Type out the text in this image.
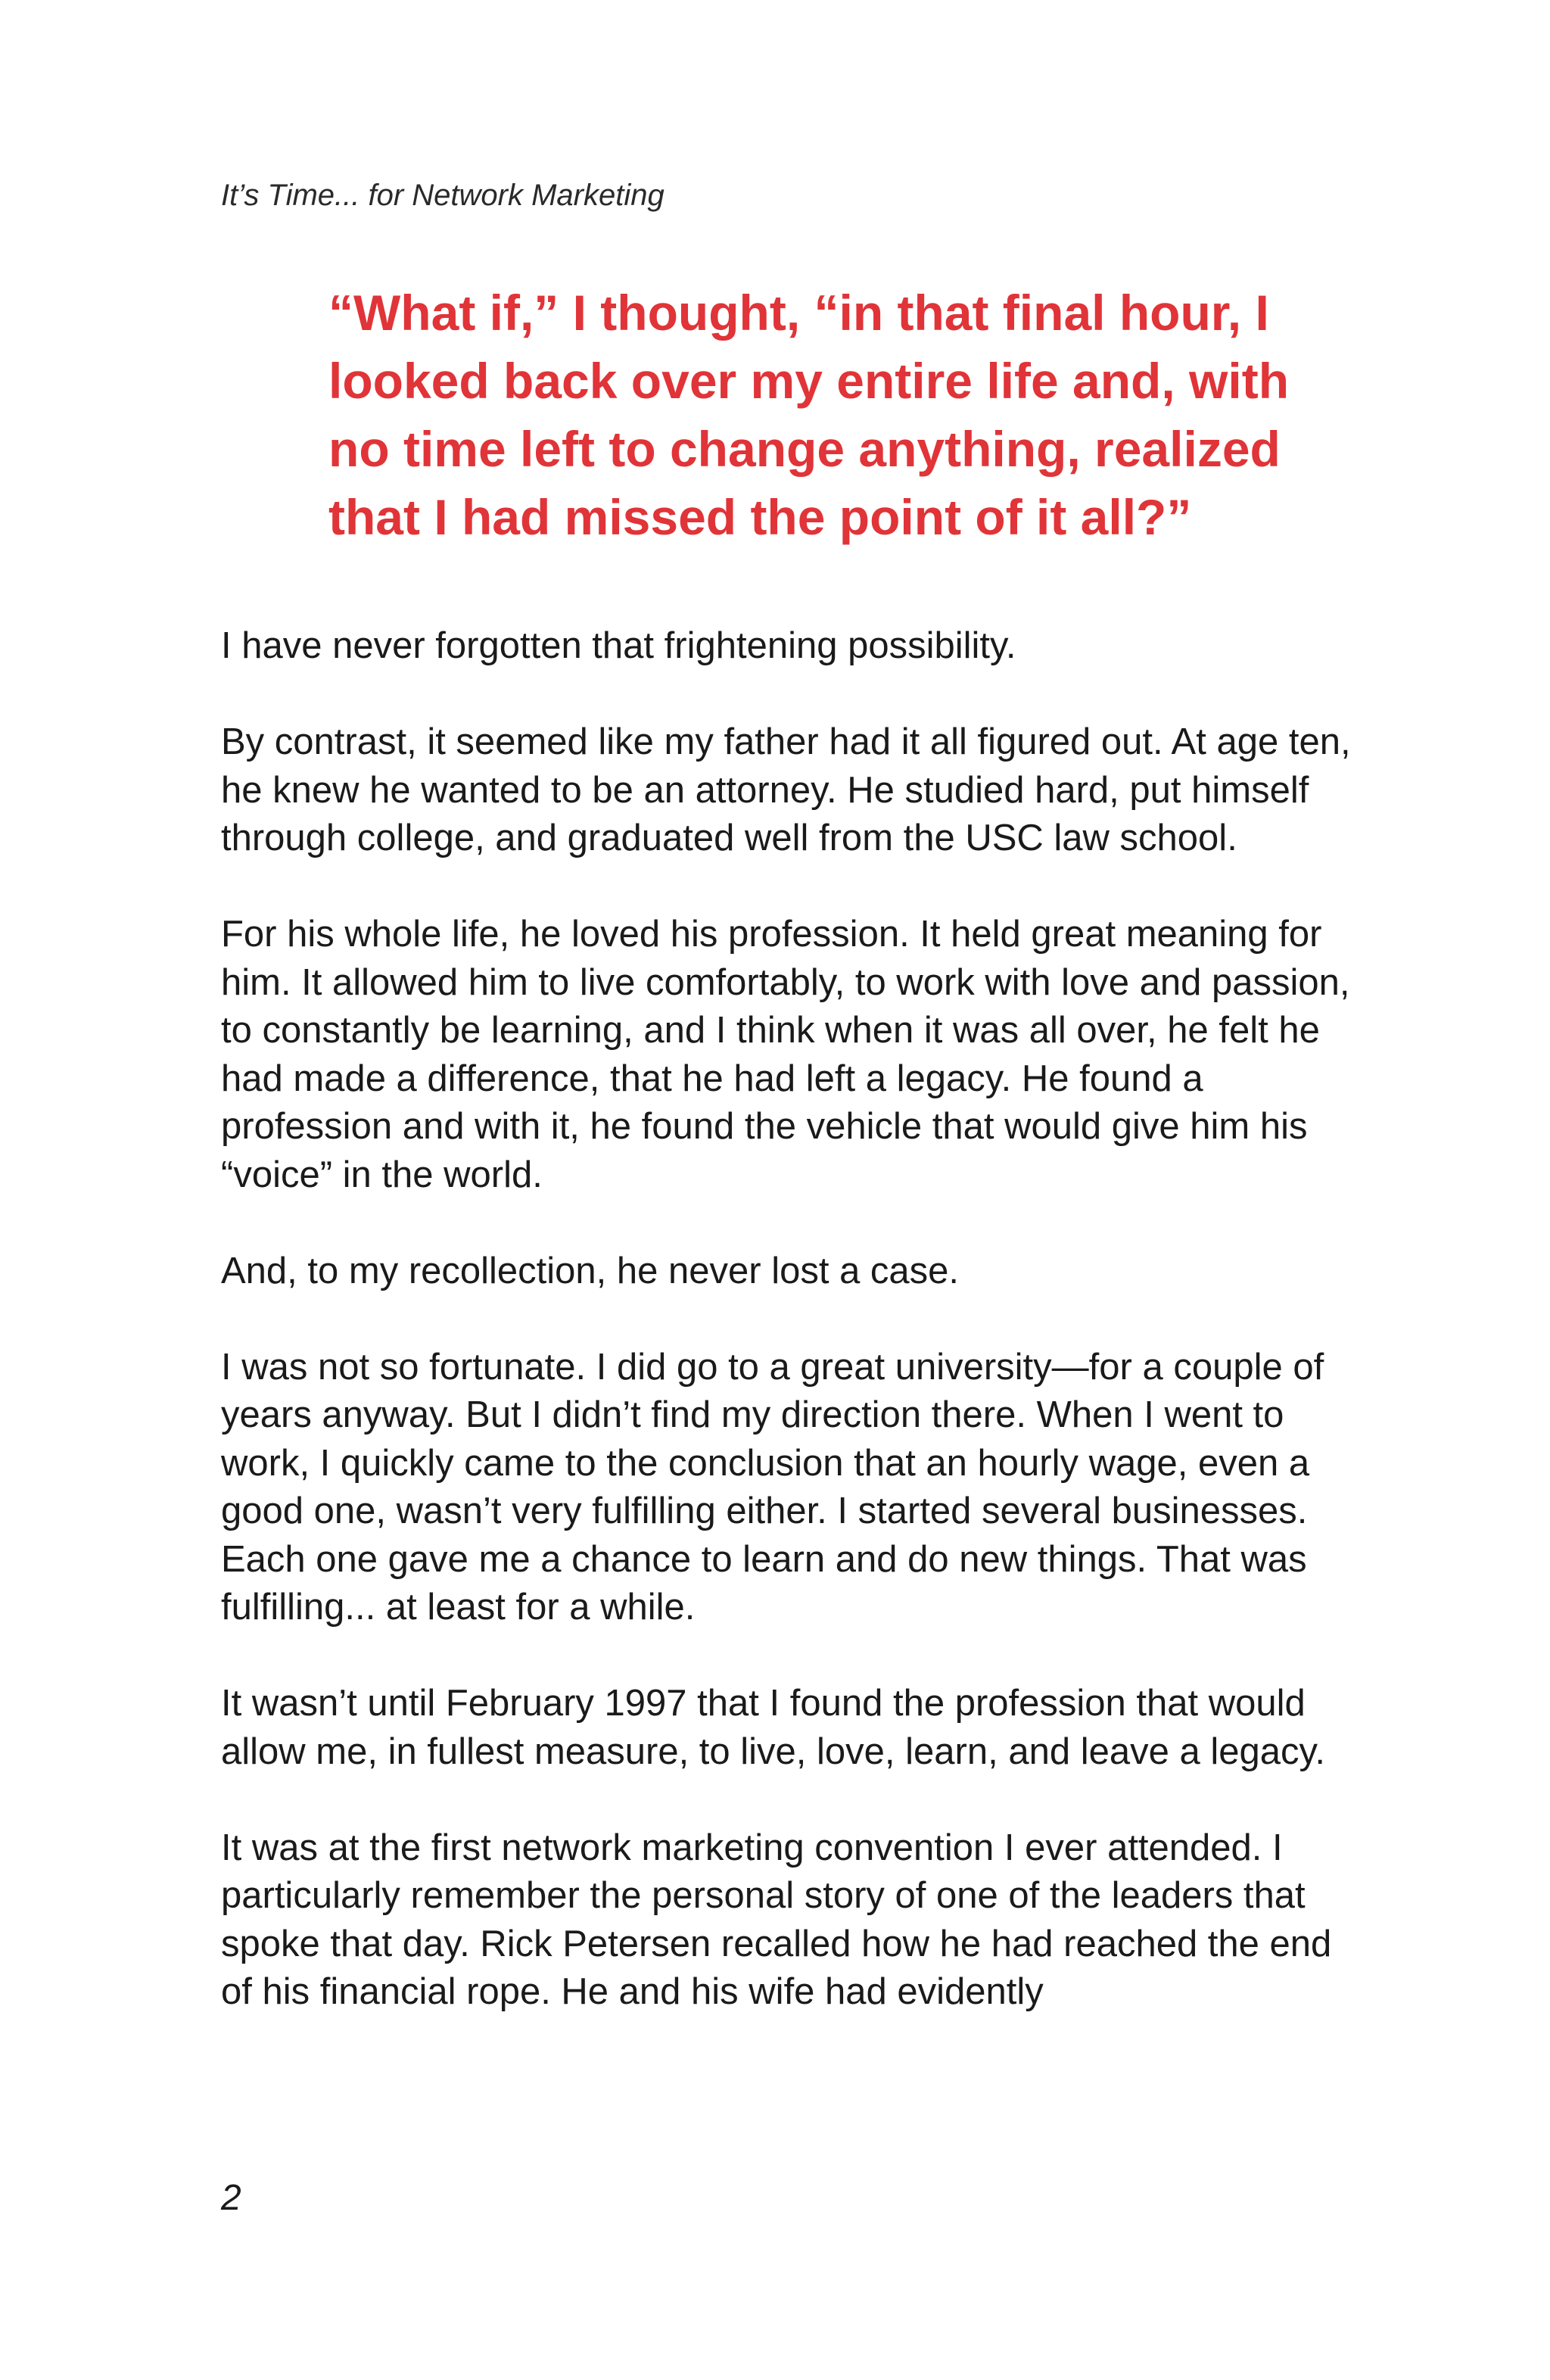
It’s Time... for Network Marketing

“What if,” I thought, “in that final hour, I looked back over my entire life and, with no time left to change anything, realized that I had missed the point of it all?”

I have never forgotten that frightening possibility.

By contrast, it seemed like my father had it all figured out. At age ten, he knew he wanted to be an attorney. He studied hard, put himself through college, and graduated well from the USC law school.

For his whole life, he loved his profession. It held great meaning for him. It allowed him to live comfortably, to work with love and passion, to constantly be learning, and I think when it was all over, he felt he had made a difference, that he had left a legacy. He found a profession and with it, he found the vehicle that would give him his “voice” in the world.

And, to my recollection, he never lost a case.

I was not so fortunate. I did go to a great university—for a couple of years anyway. But I didn’t find my direction there. When I went to work, I quickly came to the conclusion that an hourly wage, even a good one, wasn’t very fulfilling either. I started several businesses. Each one gave me a chance to learn and do new things. That was fulfilling... at least for a while.

It wasn’t until February 1997 that I found the profession that would allow me, in fullest measure, to live, love, learn, and leave a legacy.

It was at the first network marketing convention I ever attended. I particularly remember the personal story of one of the leaders that spoke that day. Rick Petersen recalled how he had reached the end of his financial rope. He and his wife had evidently

2
